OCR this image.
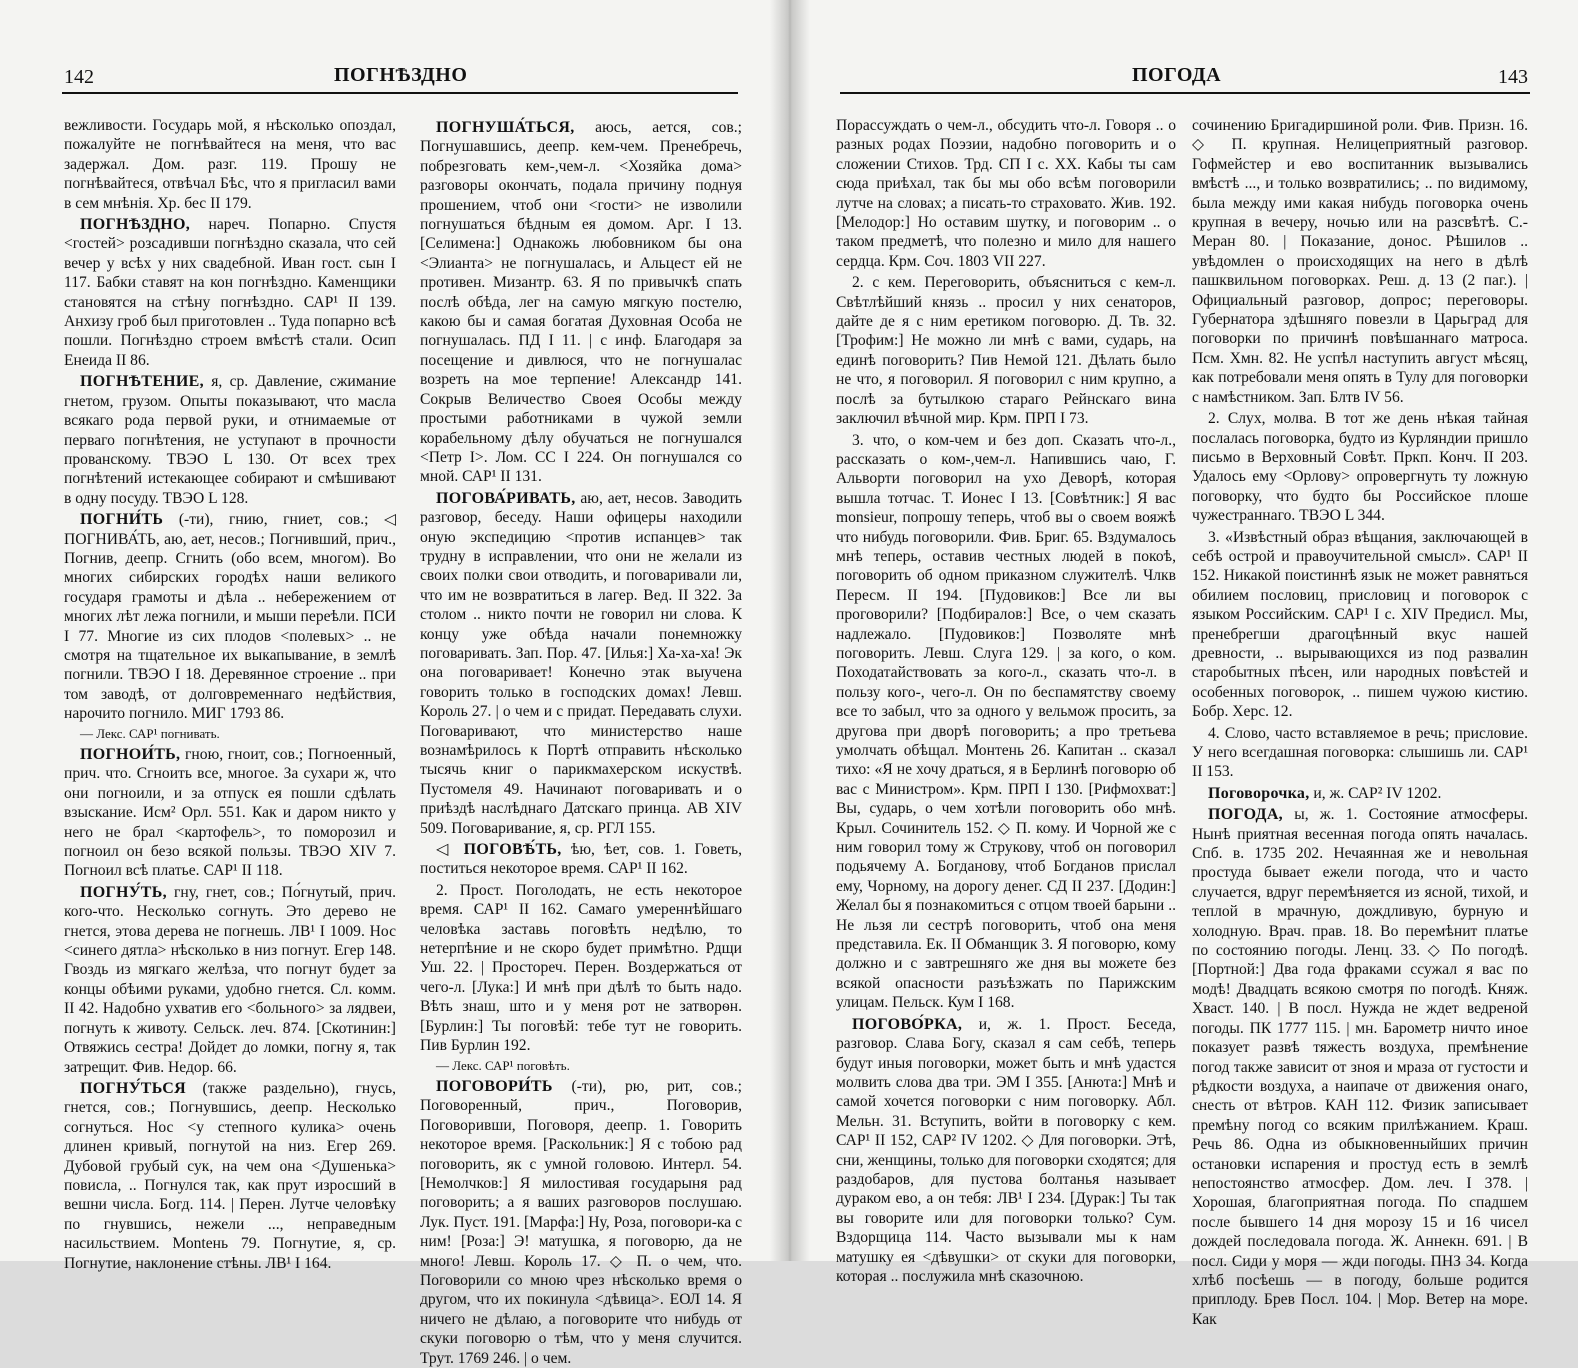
142	ПОГНѢЗДНО

вежливости. Государь мой, я нѣсколько опоздал, пожалуйте не погнѣвайтеся на меня, что вас задержал. Дом. разг. 119. Прошу не погнѣвайтеся, отвѣчал Бѣс, что я пригласил вами в сем мнѣнія. Хр. бес II 179.

ПОГНѢЗДНО, нареч. Попарно. Спустя <гостей> розсадивши погнѣздно сказала, что сей вечер у всѣх у них свадебной. Иван гост. сын I 117. Бабки ставят на кон погнѣздно. Каменщики становятся на стѣну погнѣздно. САР¹ II 139. Анхизу гроб был приготовлен .. Туда попарно всѣ пошли. Погнѣздно строем вмѣстѣ стали. Осип Енеида II 86.

ПОГНѢТЕНИЕ, я, ср. Давление, сжимание гнетом, грузом. Опыты показывают, что масла всякаго рода первой руки, и отнимаемые от перваго погнѣтения, не уступают в прочности прованскому. ТВЭО L 130. От всех трех погнѣтений истекающее собирают и смѣшивают в одну посуду. ТВЭО L 128.

ПОГНИ́ТЬ (-ти), гнию, гниет, сов.; ◁ ПОГНИВА́ТЬ, аю, ает, несов.; Погнивший, прич., Погнив, деепр. Сгнить (обо всем, многом). Во многих сибирских городѣх наши великого государя грамоты и дѣла .. небережением от многих лѣт лежа погнили, и мыши переѣли. ПСИ I 77. Многие из сих плодов <полевых> .. не смотря на тщательное их выкапывание, в землѣ погнили. ТВЭО I 18. Деревянное строение .. при том заводѣ, от долговременнаго недѣйствия, нарочито погнило. МИГ 1793 86.

— Лекс. САР¹ погнивать.

ПОГНОИ́ТЬ, гною, гноит, сов.; Погноенный, прич. что. Сгноить все, многое. За сухари ж, что они погноили, и за отпуск ея пошли сдѣлать взыскание. Исм² Орл. 551. Как и даром никто у него не брал <картофель>, то поморозил и погноил он безо всякой пользы. ТВЭО XIV 7. Погноил всѣ платье. САР¹ II 118.

ПОГНУ́ТЬ, гну, гнет, сов.; По́гнутый, прич. кого-что. Несколько согнуть. Это дерево не гнется, этова дерева не погнешь. ЛВ¹ I 1009. Нос <синего дятла> нѣсколько в низ погнут. Егер 148. Гвоздь из мягкаго желѣза, что погнут будет за концы обѣими руками, удобно гнется. Сл. комм. II 42. Надобно ухватив его <больного> за лядвеи, погнуть к животу. Сельск. леч. 874. [Скотинин:] Отвяжись сестра! Дойдет до ломки, погну я, так затрещит. Фив. Недор. 66.

ПОГНУ́ТЬСЯ (также раздельно), гнусь, гнется, сов.; Погнувшись, деепр. Несколько согнуться. Нос <у степного кулика> очень длинен кривый, погнутой на низ. Егер 269. Дубовой грубый сук, на чем она <Душенька> повисла, .. Погнулся так, как прут изросший в вешни числа. Богд. 114. | Перен. Лутче человѣку по гнувшись, нежели ..., неправедным насильствием. Моntень 79. Погнутие, я, ср. Погнутие, наклонение стѣны. ЛВ¹ I 164.

ПОГНУША́ТЬСЯ, аюсь, ается, сов.; Погнушавшись, деепр. кем-чем. Пренебречь, побрезговать кем-,чем-л. <Хозяйка дома> разговоры окончать, подала причину поднуя прошением, чтоб они <гости> не изволили погнушаться бѣдным ея домом. Арг. I 13. [Селимена:] Однакожь любовником бы она <Элианта> не погнушалась, и Альцест ей не противен. Мизантр. 63. Я по привычкѣ спать послѣ обѣда, лег на самую мягкую постелю, какою бы и самая богатая Духовная Особа не погнушалась. ПД I 11. | с инф. Благодаря за посещение и дивлюся, что не погнушалас возреть на мое терпение! Александр 141. Сокрыв Величество Своея Особы между простыми работниками в чужой земли корабельному дѣлу обучаться не погнушался <Петр I>. Лом. СС I 224. Он погнушался со мной. САР¹ II 131.

ПОГОВА́РИВАТЬ, аю, ает, несов. Заводить разговор, беседу. Наши офицеры находили оную экспедицию <против испанцев> так трудну в исправлении, что они не желали из своих полки свои отводить, и поговаривали ли, что им не возвратиться в лагер. Вед. II 322. За столом .. никто почти не говорил ни слова. К концу уже обѣда начали понемножку поговаривать. Зап. Пор. 47. [Илья:] Ха-ха-ха! Эк она поговаривает! Конечно этак выучена говорить только в господских домах! Левш. Король 27. | о чем и с придат. Передавать слухи. Поговаривают, что министерство наше вознамѣрилось к Портѣ отправить нѣсколько тысячь книг о парикмахерском искуствѣ. Пустомеля 49. Начинают поговаривать и о приѣздѣ наслѣднаго Датскаго принца. АВ XIV 509. Поговаривание, я, ср. РГЛ 155.

◁ ПОГОВѢ́ТЬ, ѣю, ѣет, сов. 1. Говеть, поститься некоторое время. САР¹ II 162.

2. Прост. Поголодать, не есть некоторое время. САР¹ II 162. Самаго умереннѣйшаго человѣка заставь поговѣть недѣлю, то нетерпѣние и не скоро будет примѣтно. Рдщи Уш. 22. | Простореч. Перен. Воздержаться от чего-л. [Лука:] И мнѣ при дѣлѣ то быть надо. Вѣть знаш, што и у меня рот не затворѳн. [Бурлин:] Ты поговѣй: тебе тут не говорить. Пив Бурлин 192.

— Лекс. САР¹ поговѣть.

ПОГОВОРИ́ТЬ (-ти), рю, рит, сов.; Поговоренный, прич., Поговорив, Поговоривши, Поговоря, деепр. 1. Говорить некоторое время. [Раскольник:] Я с тобою рад поговорить, як с умной головою. Интерл. 54. [Немолчков:] Я милостивая государыня рад поговорить; а я ваших разговоров послушаю. Лук. Пуст. 191. [Марфа:] Ну, Роза, поговори-ка с ним! [Роза:] Э! матушка, я поговорю, да не много! Левш. Король 17. ◇ П. о чем, что. Поговорили со мною чрез нѣсколько время о другом, что их покинула <дѣвица>. ЕОЛ 14. Я ничего не дѣлаю, а поговорите что нибудь от скуки поговорю о тѣм, что у меня случится. Трут. 1769 246. | о чем.

ПОГОДА	143

Порассуждать о чем-л., обсудить что-л. Говоря .. о разных родах Поэзии, надобно поговорить и о сложении Стихов. Трд. СП I с. XX. Кабы ты сам сюда приѣхал, так бы мы обо всѣм поговорили лутче на словах; а писать-то страховато. Жив. 192. [Мелодор:] Но оставим шутку, и поговорим .. о таком предметѣ, что полезно и мило для нашего сердца. Крм. Соч. 1803 VII 227.

2. с кем. Переговорить, объясниться с кем-л. Свѣтлѣйший князь .. просил у них сенаторов, дайте де я с ним еретиком поговорю. Д. Тв. 32. [Трофим:] Не можно ли мнѣ с вами, сударь, на единѣ поговорить? Пив Немой 121. Дѣлать было не что, я поговорил. Я поговорил с ним крупно, а послѣ за бутылкою стараго Рейнскаго вина заключил вѣчной мир. Крм. ПРП I 73.

3. что, о ком-чем и без доп. Сказать что-л., рассказать о ком-,чем-л. Напившись чаю, Г. Альворти поговорил на ухо Деворѣ, которая вышла тотчас. Т. Ионес I 13. [Совѣтник:] Я вас monsieur, попрошу теперь, чтоб вы о своем вояжѣ что нибудь поговорили. Фив. Бриг. 65. Вздумалось мнѣ теперь, оставив честных людей в покоѣ, поговорить об одном приказном служителѣ. Члкв Пересм. II 194. [Пудовиков:] Все ли вы проговорили? [Подбиралов:] Все, о чем сказать надлежало. [Пудовиков:] Позволяте мнѣ поговорить. Левш. Слуга 129. | за кого, о ком. Походатайствовать за кого-л., сказать что-л. в пользу кого-, чего-л. Он по беспамятству своему все то забыл, что за одного у вельмож просить, за другова при дворѣ поговорить; а про третьева умолчать обѣщал. Монтень 26. Капитан .. сказал тихо: «Я не хочу драться, я в Берлинѣ поговорю об вас с Министром». Крм. ПРП I 130. [Рифмохват:] Вы, сударь, о чем хотѣли поговорить обо мнѣ. Крыл. Сочинитель 152. ◇ П. кому. И Чорной же с ним говорил тому ж Струкову, чтоб он поговорил подьячему А. Богданову, чтоб Богданов прислал ему, Чорному, на дорогу денег. СД II 237. [Додин:] Желал бы я познакомиться с отцом твоей барыни .. Не льзя ли сестрѣ поговорить, чтоб она меня представила. Ек. II Обманщик 3. Я поговорю, кому должно и с завтрешняго же дня вы можете без всякой опасности разъѣзжать по Парижским улицам. Пельск. Кум I 168.

ПОГОВО́РКА, и, ж. 1. Прост. Беседа, разговор. Слава Богу, сказал я сам себѣ, теперь будут иныя поговорки, может быть и мнѣ удастся молвить слова два три. ЭМ I 355. [Анюта:] Мнѣ и самой хочется поговорки с ним поговорку. Абл. Мельн. 31. Вступить, войти в поговорку с кем. САР¹ II 152, САР² IV 1202. ◇ Для поговорки. Этѣ, сни, женщины, только для поговорки сходятся; для раздобаров, для пустова болтанья называет дураком ево, а он тебя: ЛВ¹ I 234. [Дурак:] Ты так вы говорите или для поговорки только? Сум. Вздорщица 114. Часто вызывали мы к нам матушку ея <дѣвушки> от скуки для поговорки, которая .. послужила мнѣ сказочною.

сочинению Бригадиршиной роли. Фив. Призн. 16. ◇ П. крупная. Нелицеприятный разговор. Гофмейстер и ево воспитанник вызывались вмѣстѣ ..., и только возвратились; .. по видимому, была между ими какая нибудь поговорка очень крупная в вечеру, ночью или на разсвѣтѣ. С.-Меран 80. | Показание, донос. Рѣшилов .. увѣдомлен о происходящих на него в дѣлѣ пашквильном поговорках. Реш. д. 13 (2 паг.). | Официальный разговор, допрос; переговоры. Губернатора здѣшняго повезли в Царьград для поговорки по причинѣ повѣшаннаго матроса. Псм. Хмн. 82. Не успѣл наступить август мѣсяц, как потребовали меня опять в Тулу для поговорки с намѣстником. Зап. Блтв IV 56.

2. Слух, молва. В тот же день нѣкая тайная послалась поговорка, будто из Курляндии пришло письмо в Верховный Совѣт. Пркп. Конч. II 203. Удалось ему <Орлову> опровергнуть ту ложную поговорку, что будто бы Российское плоше чужестраннаго. ТВЭО L 344.

3. «Извѣстный образ вѣщания, заключающей в себѣ острой и правоучительной смысл». САР¹ II 152. Никакой поистиннѣ язык не может равняться обилием пословиц, присловиц и поговорок с языком Российским. САР¹ I с. XIV Предисл. Мы, пренебрегши драгоцѣнный вкус нашей древности, .. вырывающихся из под развалин старобытных пѣсен, или народных повѣстей и особенных поговорок, .. пишем чужою кистию. Бобр. Херс. 12.

4. Слово, часто вставляемое в речь; присловие. У него всегдашная поговорка: слышишь ли. САР¹ II 153.

Поговорочка, и, ж. САР² IV 1202.

ПОГОДА, ы, ж. 1. Состояние атмосферы. Нынѣ приятная весенная погода опять началась. Спб. в. 1735 202. Нечаянная же и невольная простуда бывает ежели погода, что и часто случается, вдруг перемѣняется из ясной, тихой, и теплой в мрачную, дождливую, бурную и холодную. Врач. прав. 18. Во перемѣнит платье по состоянию погоды. Ленц. 33. ◇ По погодѣ. [Портной:] Два года фраками ссужал я вас по модѣ! Двадцать всякою смотря по погодѣ. Княж. Хваст. 140. | В посл. Нужда не ждет ведреной погоды. ПК 1777 115. | мн. Барометр ничто иное показует развѣ тяжесть воздуха, премѣнение погод также зависит от зноя и мраза от густости и рѣдкости воздуха, а наипаче от движения онаго, снесть от вѣтров. КАН 112. Физик записывает премѣну погод со всяким прилѣжанием. Краш. Речь 86. Одна из обыкновенныйших причин остановки испарения и простуд есть в землѣ непостоянство атмосфер. Дом. леч. I 378. | Хорошая, благоприятная погода. По спадшем после бывшего 14 дня морозу 15 и 16 чисел дождей последовала погода. Ж. Аннекн. 691. | В посл. Сиди у моря — жди погоды. ПНЗ 34. Когда хлѣб посѣешь — в погоду, больше родится приплоду. Брев Посл. 104. | Мор. Ветер на море. Как
